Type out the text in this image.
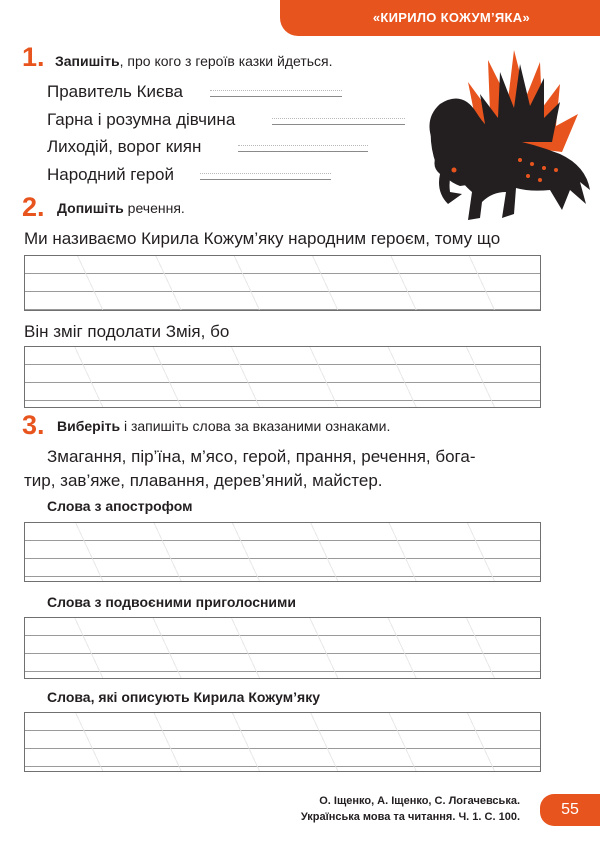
«КИРИЛО КОЖУМ’ЯКА»
1. Запишіть, про кого з героїв казки йдеться.
Правитель Києва
Гарна і розумна дівчина
Лиходій, ворог киян
Народний герой
2. Допишіть речення.
Ми називаємо Кирила Кожум’яку народним героєм, тому що
Він зміг подолати Змія, бо
3. Виберіть і запишіть слова за вказаними ознаками.
Змагання, пір’їна, м’ясо, герой, прання, речення, бога-
тир, зав’яже, плавання, дерев’яний, майстер.
Слова з апострофом
Слова з подвоєними приголосними
Слова, які описують Кирила Кожум’яку
О. Іщенко, А. Іщенко, С. Логачевська.
Українська мова та читання. Ч. 1. С. 100.	55
